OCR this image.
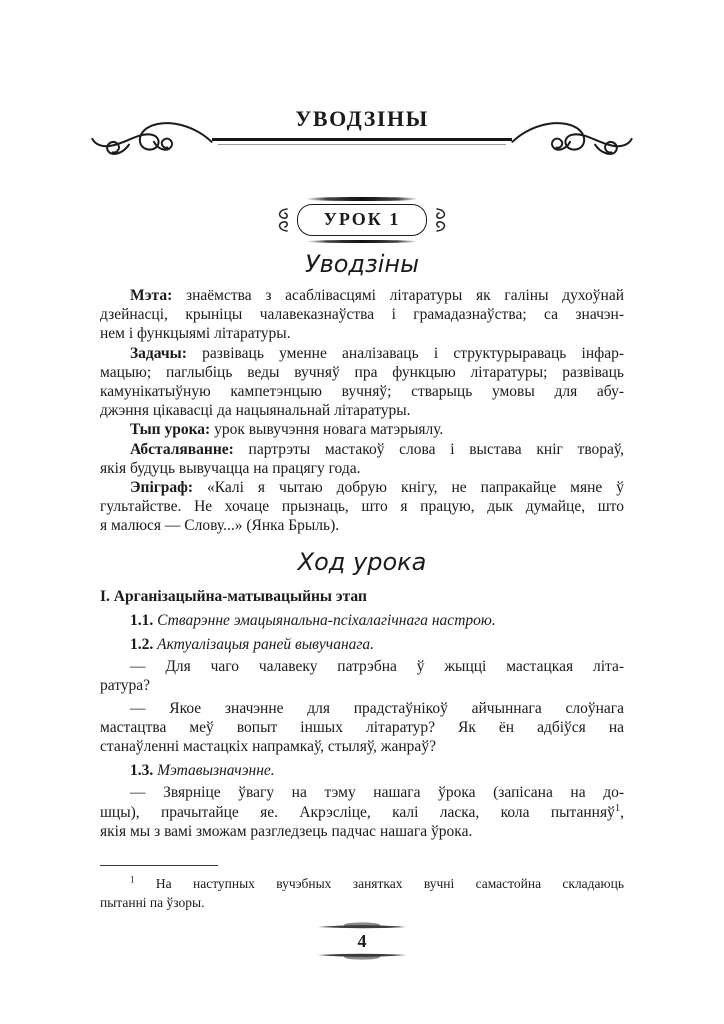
УВОДЗІНЫ
УРОК 1
Уводзіны

Мэта: знаёмства з асаблівасцямі літаратуры як галіны духоўнай
дзейнасці, крыніцы чалавеказнаўства і грамадазнаўства; са значэн-
нем і функцыямі літаратуры.

Задачы: развіваць уменне аналізаваць і структурыраваць інфар-
мацыю; паглыбіць веды вучняў пра функцыю літаратуры; развіваць
камунікатыўную кампетэнцыю вучняў; стварыць умовы для абу-
джэння цікавасці да нацыянальнай літаратуры.

Тып урока: урок вывучэння новага матэрыялу.

Абсталяванне: партрэты мастакоў слова і выстава кніг твораў,
якія будуць вывучацца на працягу года.

Эпіграф: «Калі я чытаю добрую кнігу, не папракайце мяне ў
гультайстве. Не хочаце прызнаць, што я працую, дык думайце, што
я малюся — Слову...» (Янка Брыль).

Ход урока
I. Арганізацыйна-матывацыйны этап

1.1. Стварэнне эмацыянальна-псіхалагічнага настрою.

1.2. Актуалізацыя раней вывучанага.

— Для чаго чалавеку патрэбна ў жыцці мастацкая літа-
ратура?

— Якое значэнне для прадстаўнікоў айчыннага слоўнага
мастацтва меў вопыт іншых літаратур? Як ён адбіўся на
станаўленні мастацкіх напрамкаў, стыляў, жанраў?

1.3. Мэтавызначэнне.

— Звярніце ўвагу на тэму нашага ўрока (запісана на до-
шцы), прачытайце яе. Акрэсліце, калі ласка, кола пытанняў$^1$,
якія мы з вамі зможам разгледзець падчас нашага ўрока.

$^1$ На наступных вучэбных занятках вучні самастойна складаюць
пытанні па ўзоры.
4
